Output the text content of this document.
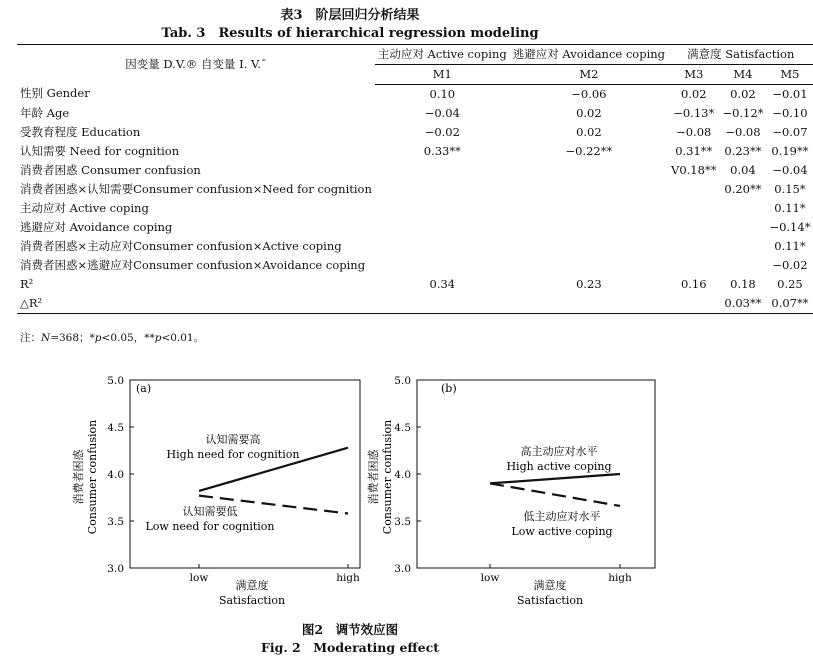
表3　阶层回归分析结果
Tab. 3　Results of hierarchical regression modeling
因变量 D.V.® 自变量 I. V.¯	主动应对 Active coping		逃避应对 Avoidance coping		满意度 Satisfaction		
	M1		M2		M3	M4	M5
性别 Gender	0.10		−0.06		0.02	0.02	−0.01
年龄 Age	−0.04		0.02		−0.13*	−0.12*	−0.10
受教育程度 Education	−0.02		0.02		−0.08	−0.08	−0.07
认知需要 Need for cognition	0.33**		−0.22**		0.31**	0.23**	0.19**
消费者困惑 Consumer confusion					V0.18**	0.04	−0.04
消费者困惑×认知需要Consumer confusion×Need for cognition						0.20**	0.15*
主动应对 Active coping							0.11*
逃避应对 Avoidance coping							−0.14*
消费者困惑×主动应对Consumer confusion×Active coping							0.11*
消费者困惑×逃避应对Consumer confusion×Avoidance coping							−0.02
R²	0.34		0.23		0.16	0.18	0.25
△R²						0.03**	0.07**
注：N=368；*p<0.05，**p<0.01。
消费者困惑 Consumer confusion
3.0
3.5
4.0
4.5
5.0
(a)
认知需要高
High need for cognition
认知需要低
Low need for cognition
low	high
满意度
Satisfaction
消费者困惑 Consumer confusion
3.0
3.5
4.0
4.5
5.0
(b)
高主动应对水平
High active coping
低主动应对水平
Low active coping
low	high
满意度
Satisfaction
图2　调节效应图
Fig. 2　Moderating effect
